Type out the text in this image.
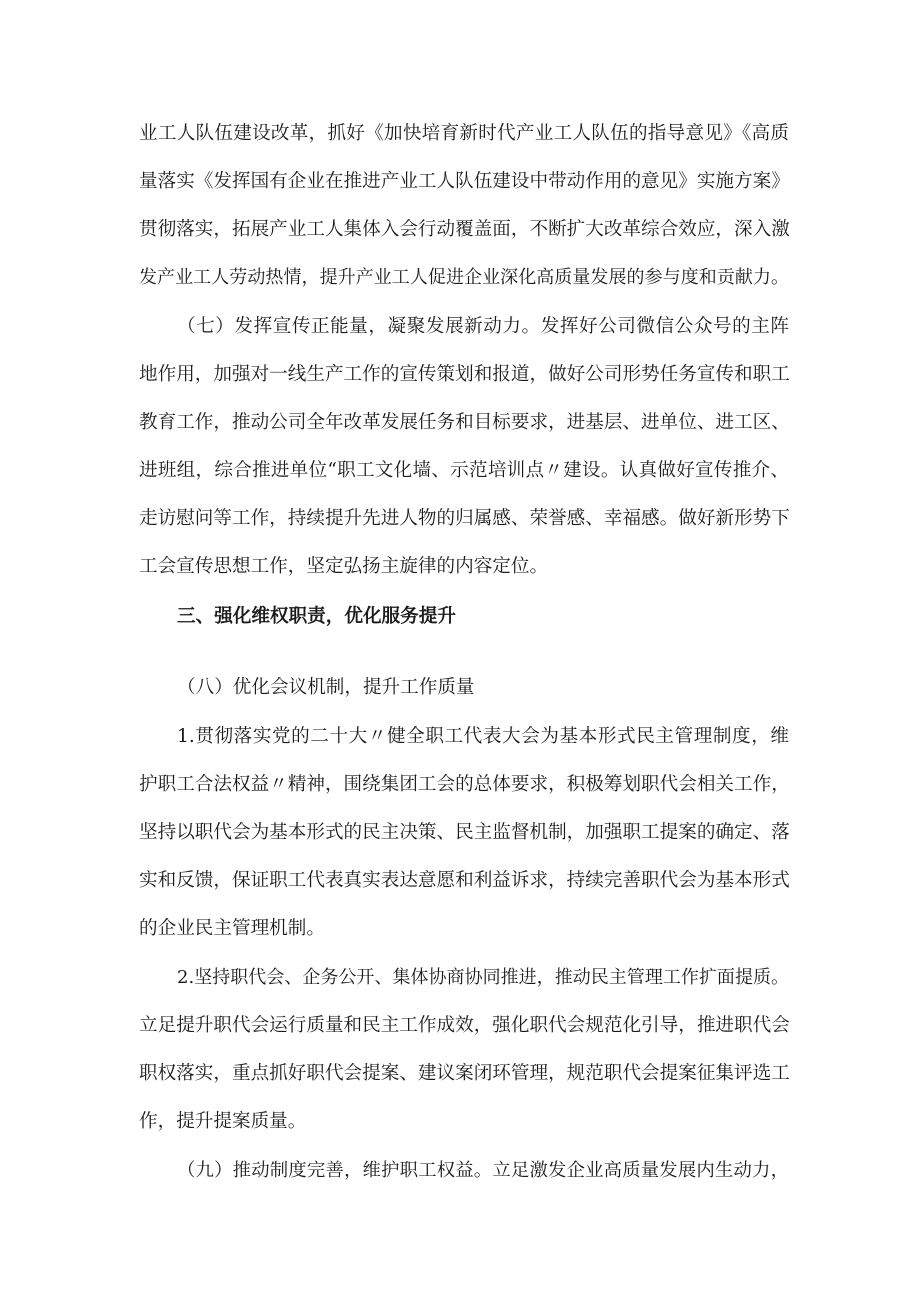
业工人队伍建设改革，抓好《加快培育新时代产业工人队伍的指导意见》《高质
量落实《发挥国有企业在推进产业工人队伍建设中带动作用的意见》实施方案》
贯彻落实，拓展产业工人集体入会行动覆盖面，不断扩大改革综合效应，深入激
发产业工人劳动热情，提升产业工人促进企业深化高质量发展的参与度和贡献力。
（七）发挥宣传正能量，凝聚发展新动力。发挥好公司微信公众号的主阵
地作用，加强对一线生产工作的宣传策划和报道，做好公司形势任务宣传和职工
教育工作，推动公司全年改革发展任务和目标要求，进基层、进单位、进工区、
进班组，综合推进单位“职工文化墙、示范培训点〃建设。认真做好宣传推介、
走访慰问等工作，持续提升先进人物的归属感、荣誉感、幸福感。做好新形势下
工会宣传思想工作，坚定弘扬主旋律的内容定位。
三、强化维权职责，优化服务提升
（八）优化会议机制，提升工作质量
1.贯彻落实党的二十大〃健全职工代表大会为基本形式民主管理制度，维
护职工合法权益〃精神，围绕集团工会的总体要求，积极筹划职代会相关工作，
坚持以职代会为基本形式的民主决策、民主监督机制，加强职工提案的确定、落
实和反馈，保证职工代表真实表达意愿和利益诉求，持续完善职代会为基本形式
的企业民主管理机制。
2.坚持职代会、企务公开、集体协商协同推进，推动民主管理工作扩面提质。
立足提升职代会运行质量和民主工作成效，强化职代会规范化引导，推进职代会
职权落实，重点抓好职代会提案、建议案闭环管理，规范职代会提案征集评选工
作，提升提案质量。
（九）推动制度完善，维护职工权益。立足激发企业高质量发展内生动力，
